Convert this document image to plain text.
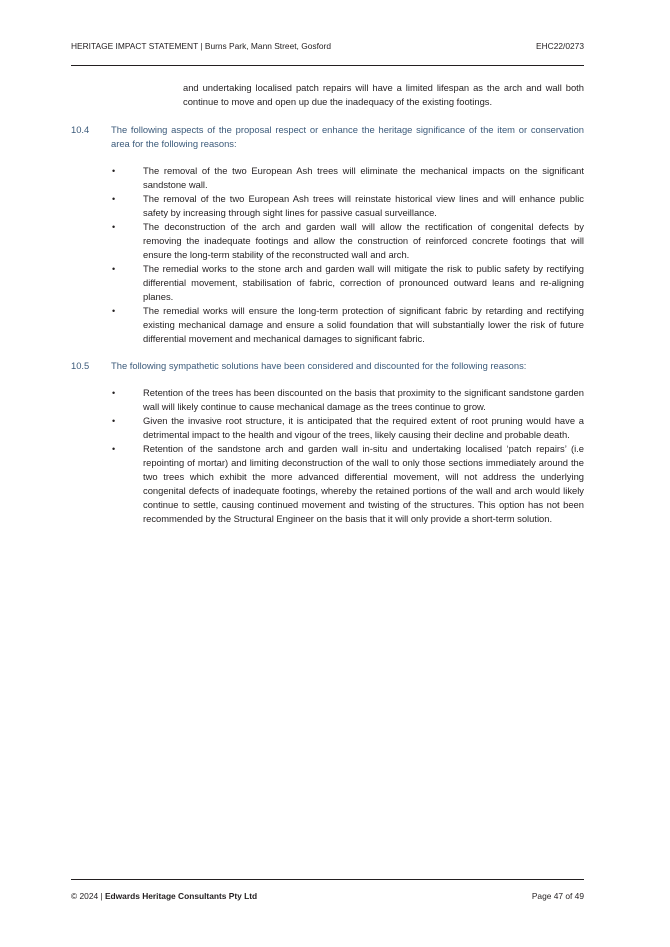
HERITAGE IMPACT STATEMENT | Burns Park, Mann Street, Gosford	EHC22/0273

and undertaking localised patch repairs will have a limited lifespan as the arch and wall both continue to move and open up due the inadequacy of the existing footings.

10.4 The following aspects of the proposal respect or enhance the heritage significance of the item or conservation area for the following reasons:
•	The removal of the two European Ash trees will eliminate the mechanical impacts on the significant sandstone wall.
•	The removal of the two European Ash trees will reinstate historical view lines and will enhance public safety by increasing through sight lines for passive casual surveillance.
•	The deconstruction of the arch and garden wall will allow the rectification of congenital defects by removing the inadequate footings and allow the construction of reinforced concrete footings that will ensure the long-term stability of the reconstructed wall and arch.
•	The remedial works to the stone arch and garden wall will mitigate the risk to public safety by rectifying differential movement, stabilisation of fabric, correction of pronounced outward leans and re-aligning planes.
•	The remedial works will ensure the long-term protection of significant fabric by retarding and rectifying existing mechanical damage and ensure a solid foundation that will substantially lower the risk of future differential movement and mechanical damages to significant fabric.
10.5 The following sympathetic solutions have been considered and discounted for the following reasons:
•	Retention of the trees has been discounted on the basis that proximity to the significant sandstone garden wall will likely continue to cause mechanical damage as the trees continue to grow.
•	Given the invasive root structure, it is anticipated that the required extent of root pruning would have a detrimental impact to the health and vigour of the trees, likely causing their decline and probable death.
•	Retention of the sandstone arch and garden wall in-situ and undertaking localised ‘patch repairs’ (i.e repointing of mortar) and limiting deconstruction of the wall to only those sections immediately around the two trees which exhibit the more advanced differential movement, will not address the underlying congenital defects of inadequate footings, whereby the retained portions of the wall and arch would likely continue to settle, causing continued movement and twisting of the structures. This option has not been recommended by the Structural Engineer on the basis that it will only provide a short-term solution.
© 2024 | Edwards Heritage Consultants Pty Ltd	Page 47 of 49
